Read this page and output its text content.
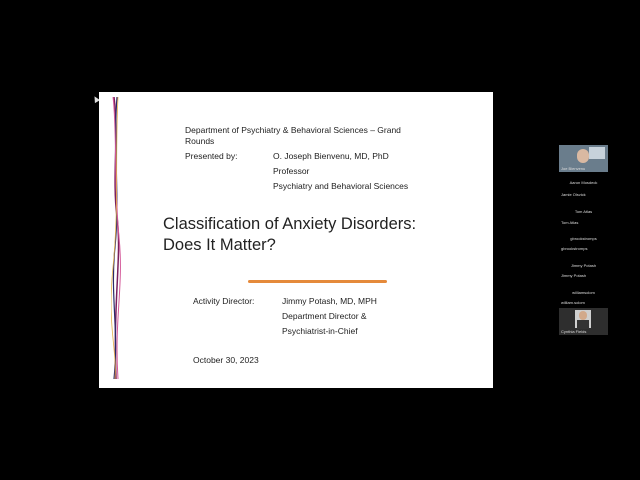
Department of Psychiatry & Behavioral Sciences – Grand
Rounds
Presented by:	O. Joseph Bienvenu, MD, PhD
Professor
Psychiatry and Behavioral Sciences
Classification of Anxiety Disorders:
Does It Matter?
Activity Director:	Jimmy Potash, MD, MPH
Department Director &
Psychiatrist-in-Chief
October 30, 2023
Joe Bienvenu
Aaron Mosdeck
Jamie Olsvick
Tom Atlas
Tom Atlas
gbrookstromps
gbrookstromps
Jimmy Potash
Jimmy Potash
williamsolom
william.solom
Cynthia Fields
